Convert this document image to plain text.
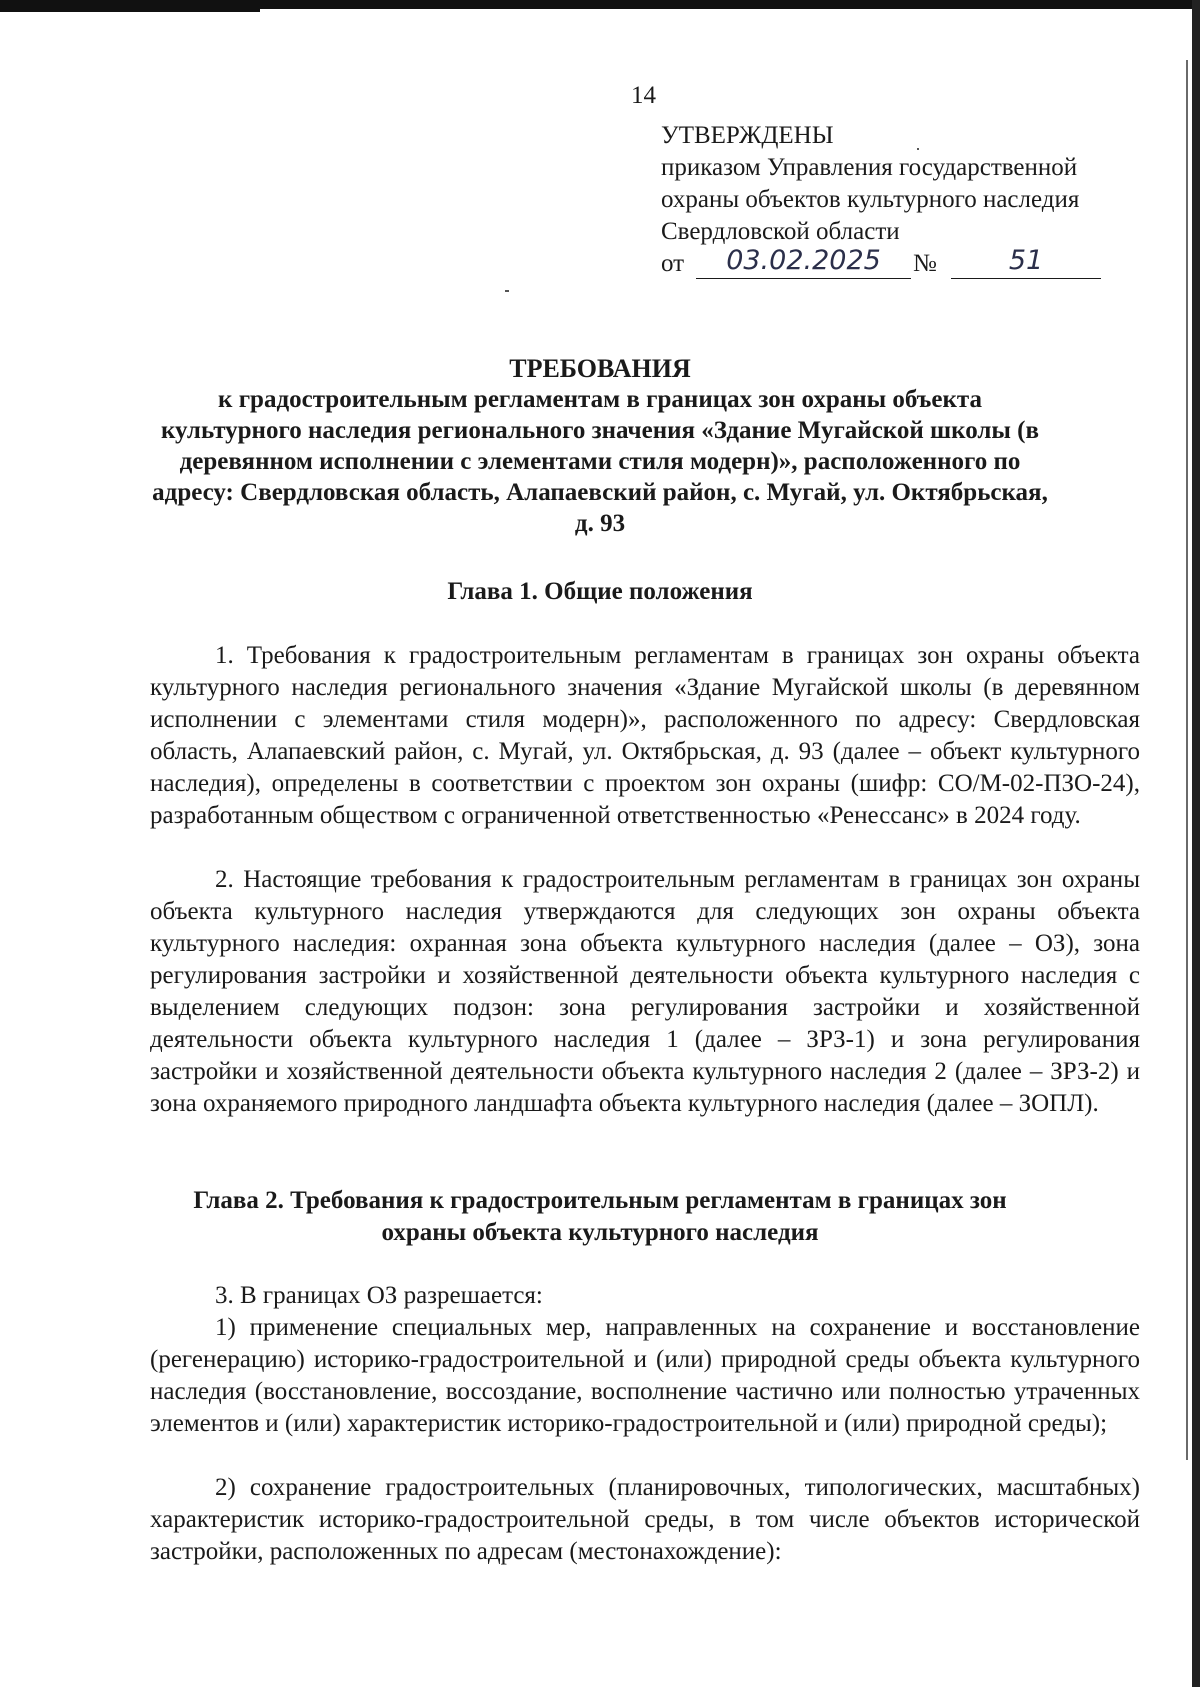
14
УТВЕРЖДЕНЫ
приказом Управления государственной
охраны объектов культурного наследия
Свердловской области
от	03.02.2025	№	51
ТРЕБОВАНИЯ
к градостроительным регламентам в границах зон охраны объекта культурного наследия регионального значения «Здание Мугайской школы (в деревянном исполнении с элементами стиля модерн)», расположенного по адресу: Свердловская область, Алапаевский район, с. Мугай, ул. Октябрьская, д. 93
Глава 1. Общие положения

1. Требования к градостроительным регламентам в границах зон охраны объекта культурного наследия регионального значения «Здание Мугайской школы (в деревянном исполнении с элементами стиля модерн)», расположенного по адресу: Свердловская область, Алапаевский район, с. Мугай, ул. Октябрьская, д. 93 (далее – объект культурного наследия), определены в соответствии с проектом зон охраны (шифр: СО/М-02-ПЗО-24), разработанным обществом с ограниченной ответственностью «Ренессанс» в 2024 году.

2. Настоящие требования к градостроительным регламентам в границах зон охраны объекта культурного наследия утверждаются для следующих зон охраны объекта культурного наследия: охранная зона объекта культурного наследия (далее – ОЗ), зона регулирования застройки и хозяйственной деятельности объекта культурного наследия с выделением следующих подзон: зона регулирования застройки и хозяйственной деятельности объекта культурного наследия 1 (далее – ЗРЗ-1) и зона регулирования застройки и хозяйственной деятельности объекта культурного наследия 2 (далее – ЗРЗ-2) и зона охраняемого природного ландшафта объекта культурного наследия (далее – ЗОПЛ).

Глава 2. Требования к градостроительным регламентам в границах зон охраны объекта культурного наследия

3. В границах ОЗ разрешается:

1) применение специальных мер, направленных на сохранение и восстановление (регенерацию) историко-градостроительной и (или) природной среды объекта культурного наследия (восстановление, воссоздание, восполнение частично или полностью утраченных элементов и (или) характеристик историко-градостроительной и (или) природной среды);

2) сохранение градостроительных (планировочных, типологических, масштабных) характеристик историко-градостроительной среды, в том числе объектов исторической застройки, расположенных по адресам (местонахождение):
